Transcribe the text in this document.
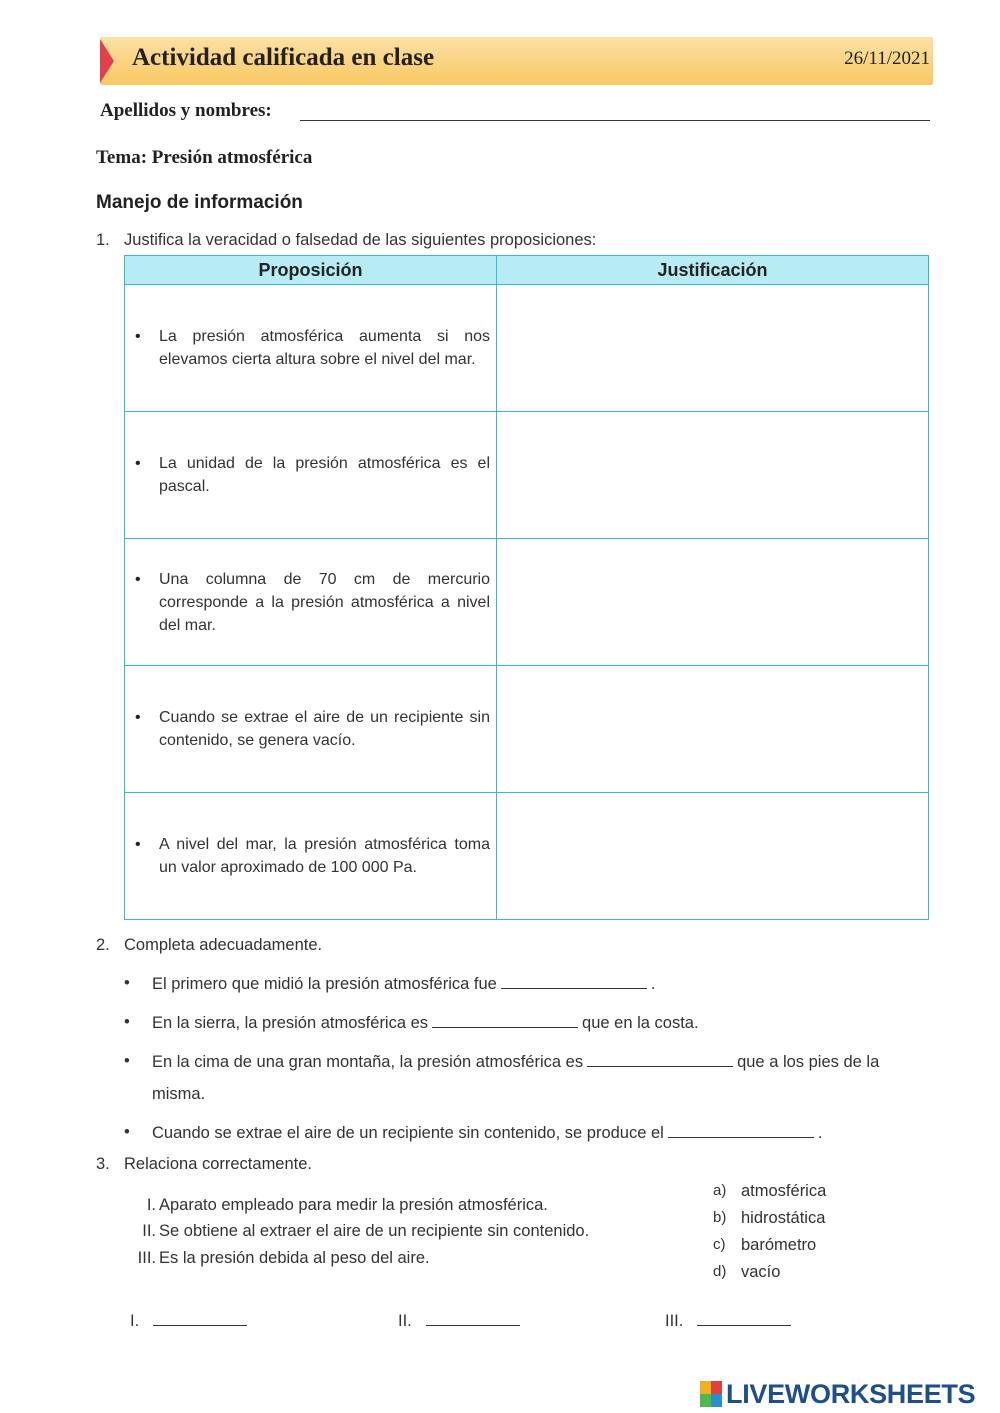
Actividad calificada en clase	26/11/2021
Apellidos y nombres:
Tema: Presión atmosférica
Manejo de información
1. Justifica la veracidad o falsedad de las siguientes proposiciones:
Proposición	Justificación

• La presión atmosférica aumenta si nos elevamos cierta altura sobre el nivel del mar.	

• La unidad de la presión atmosférica es el pascal.	

• Una columna de 70 cm de mercurio corresponde a la presión atmosférica a nivel del mar.	

• Cuando se extrae el aire de un recipiente sin contenido, se genera vacío.	

• A nivel del mar, la presión atmosférica toma un valor aproximado de 100 000 Pa.	

2. Completa adecuadamente.
• El primero que midió la presión atmosférica fue	.
• En la sierra, la presión atmosférica es	que en la costa.
• En la cima de una gran montaña, la presión atmosférica es	que a los pies de la
misma.
• Cuando se extrae el aire de un recipiente sin contenido, se produce el	.
3. Relaciona correctamente.
I. Aparato empleado para medir la presión atmosférica.
II. Se obtiene al extraer el aire de un recipiente sin contenido.
III. Es la presión debida al peso del aire.
a) atmosférica
b) hidrostática
c) barómetro
d) vacío
I.	II.	III.
LIVEWORKSHEETS
